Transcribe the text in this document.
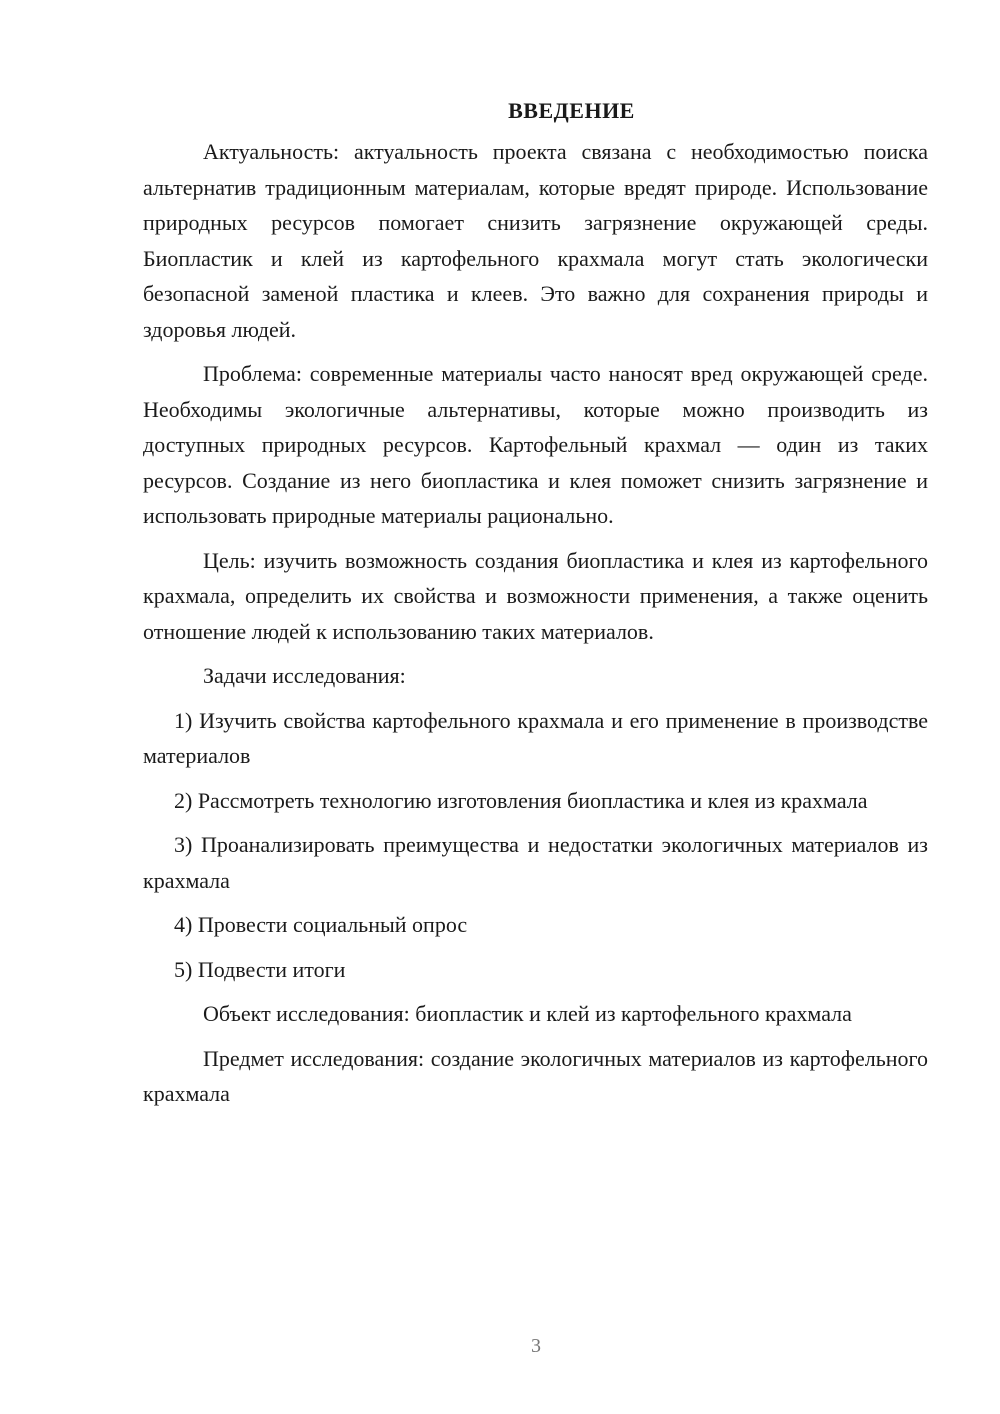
ВВЕДЕНИЕ

Актуальность: актуальность проекта связана с необходимостью поиска альтернатив традиционным материалам, которые вредят природе. Использование природных ресурсов помогает снизить загрязнение окружающей среды. Биопластик и клей из картофельного крахмала могут стать экологически безопасной заменой пластика и клеев. Это важно для сохранения природы и здоровья людей.

Проблема: современные материалы часто наносят вред окружающей среде. Необходимы экологичные альтернативы, которые можно производить из доступных природных ресурсов. Картофельный крахмал — один из таких ресурсов. Создание из него биопластика и клея поможет снизить загрязнение и использовать природные материалы рационально.

Цель: изучить возможность создания биопластика и клея из картофельного крахмала, определить их свойства и возможности применения, а также оценить отношение людей к использованию таких материалов.

Задачи исследования:

1) Изучить свойства картофельного крахмала и его применение в производстве материалов
2) Рассмотреть технологию изготовления биопластика и клея из крахмала
3) Проанализировать преимущества и недостатки экологичных материалов из крахмала
4) Провести социальный опрос
5) Подвести итоги

Объект исследования: биопластик и клей из картофельного крахмала

Предмет исследования: создание экологичных материалов из картофельного крахмала

3
